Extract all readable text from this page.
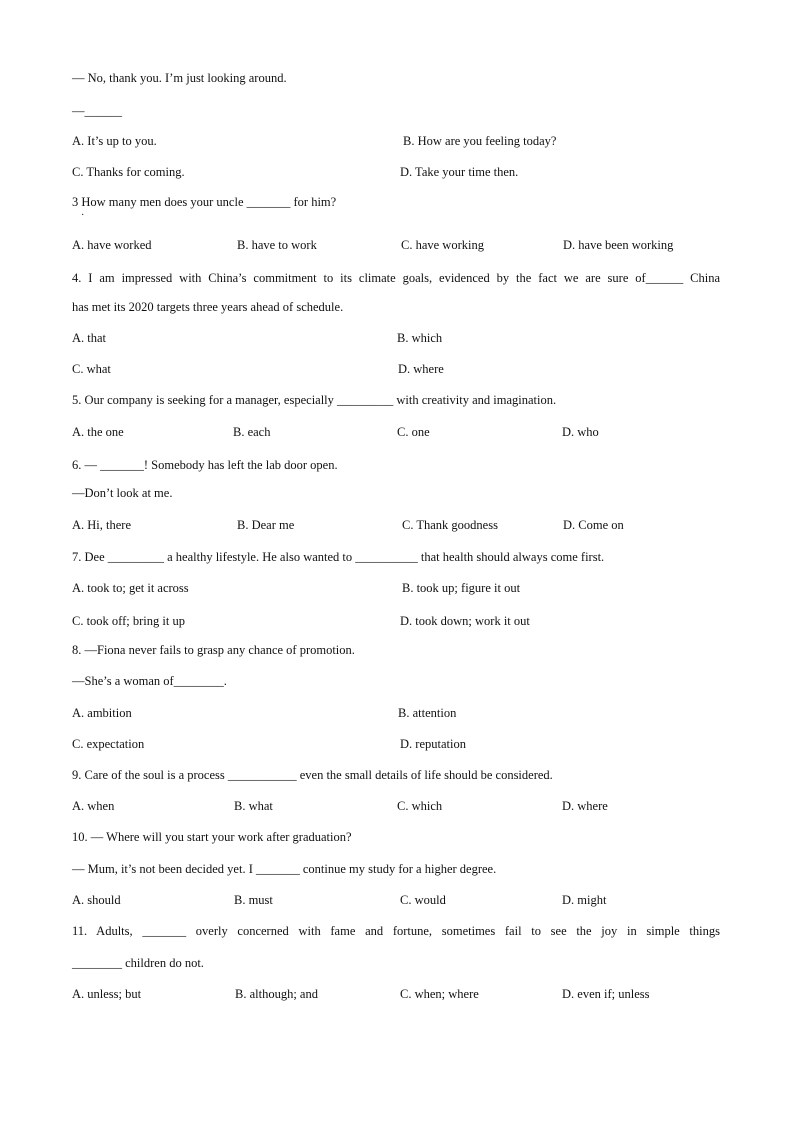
— No, thank you. I’m just looking around.
—______
A. It’s up to you.	B. How are you feeling today?
C. Thanks for coming.	D. Take your time then.
3 How many men does your uncle _______ for him?
·
A. have worked	B. have to work	C. have working	D. have been working
4. I am impressed with China’s commitment to its climate goals, evidenced by the fact we are sure of______ China
has met its 2020 targets three years ahead of schedule.
A. that	B. which
C. what	D. where
5. Our company is seeking for a manager, especially _________ with creativity and imagination.
A. the one	B. each	C. one	D. who
6. — _______! Somebody has left the lab door open.
—Don’t look at me.
A. Hi, there	B. Dear me	C. Thank goodness	D. Come on
7. Dee _________ a healthy lifestyle. He also wanted to __________ that health should always come first.
A. took to; get it across	B. took up; figure it out
C. took off; bring it up	D. took down; work it out
8. —Fiona never fails to grasp any chance of promotion.
—She’s a woman of________.
A. ambition	B. attention
C. expectation	D. reputation
9. Care of the soul is a process ___________ even the small details of life should be considered.
A. when	B. what	C. which	D. where
10. — Where will you start your work after graduation?
— Mum, it’s not been decided yet. I _______ continue my study for a higher degree.
A. should	B. must	C. would	D. might
11. Adults, _______ overly concerned with fame and fortune, sometimes fail to see the joy in simple things
________ children do not.
A. unless; but	B. although; and	C. when; where	D. even if; unless
